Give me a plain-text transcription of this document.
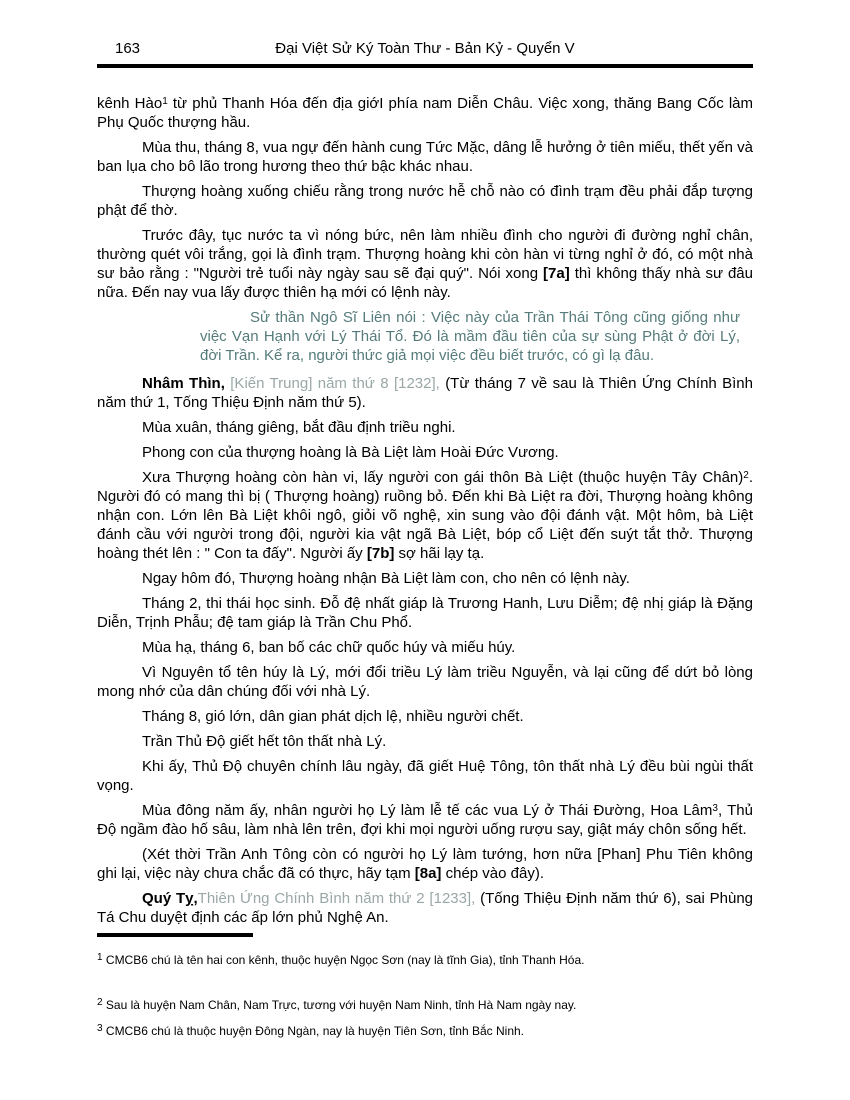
163	Đại Việt Sử Ký Toàn Thư - Bản Kỷ - Quyển V

kênh Hào$^1$ từ phủ Thanh Hóa đến địa giớI phía nam Diễn Châu. Việc xong, thăng Bang Cốc làm Phụ Quốc thượng hầu.

Mùa thu, tháng 8, vua ngự đến hành cung Tức Mặc, dâng lễ hưởng ở tiên miếu, thết yến và ban lụa cho bô lão trong hương theo thứ bậc khác nhau.

Thượng hoàng xuống chiếu rằng trong nước hễ chỗ nào có đình trạm đều phải đắp tượng phật để thờ.

Trước đây, tục nước ta vì nóng bức, nên làm nhiều đình cho người đi đường nghỉ chân, thường quét vôi trắng, gọi là đình trạm. Thượng hoàng khi còn hàn vi từng nghỉ ở đó, có một nhà sư bảo rằng : "Người trẻ tuổi này ngày sau sẽ đại quý". Nói xong [7a] thì không thấy nhà sư đâu nữa. Đến nay vua lấy được thiên hạ mới có lệnh này.

Sử thần Ngô Sĩ Liên nói : Việc này của Trần Thái Tông cũng giống như việc Vạn Hạnh với Lý Thái Tổ. Đó là mầm đầu tiên của sự sùng Phật ở đời Lý, đời Trần. Kể ra, người thức giả mọi việc đều biết trước, có gì lạ đâu.

Nhâm Thìn, [Kiến Trung] năm thứ 8 [1232], (Từ tháng 7 về sau là Thiên Ứng Chính Bình năm thứ 1, Tống Thiệu Định năm thứ 5).

Mùa xuân, tháng giêng, bắt đầu định triều nghi.

Phong con của thượng hoàng là Bà Liệt làm Hoài Đức Vương.

Xưa Thượng hoàng còn hàn vi, lấy người con gái thôn Bà Liệt (thuộc huyện Tây Chân)$^2$. Người đó có mang thì bị ( Thượng hoàng) ruồng bỏ. Đến khi Bà Liệt ra đời, Thượng hoàng không nhận con. Lớn lên Bà Liệt khôi ngô, giỏi võ nghệ, xin sung vào đội đánh vật. Một hôm, bà Liệt đánh cầu với người trong đội, người kia vật ngã Bà Liệt, bóp cổ Liệt đến suýt tắt thở. Thượng hoàng thét lên : " Con ta đấy". Người ấy [7b] sợ hãi lạy tạ.

Ngay hôm đó, Thượng hoàng nhận Bà Liệt làm con, cho nên có lệnh này.

Tháng 2, thi thái học sinh. Đỗ đệ nhất giáp là Trương Hanh, Lưu Diễm; đệ nhị giáp là Đặng Diễn, Trịnh Phẫu; đệ tam giáp là Trần Chu Phổ.

Mùa hạ, tháng 6, ban bố các chữ quốc húy và miếu húy.

Vì Nguyên tổ tên húy là Lý, mới đổi triều Lý làm triều Nguyễn, và lại cũng để dứt bỏ lòng mong nhớ của dân chúng đối với nhà Lý.

Tháng 8, gió lớn, dân gian phát dịch lệ, nhiều người chết.

Trần Thủ Độ giết hết tôn thất nhà Lý.

Khi ấy, Thủ Độ chuyên chính lâu ngày, đã giết Huệ Tông, tôn thất nhà Lý đều bùi ngùi thất vọng.

Mùa đông năm ấy, nhân người họ Lý làm lễ tế các vua Lý ở Thái Đường, Hoa Lâm$^3$, Thủ Độ ngầm đào hố sâu, làm nhà lên trên, đợi khi mọi người uống rượu say, giật máy chôn sống hết.

(Xét thời Trần Anh Tông còn có người họ Lý làm tướng, hơn nữa [Phan] Phu Tiên không ghi lại, việc này chưa chắc đã có thực, hãy tạm [8a] chép vào đây).

Quý Tỵ,Thiên Ứng Chính Bình năm thứ 2 [1233], (Tống Thiệu Định năm thứ 6), sai Phùng Tá Chu duyệt định các ấp lớn phủ Nghệ An.

$^1$ CMCB6 chú là tên hai con kênh, thuộc huyện Ngọc Sơn (nay là tĩnh Gia), tỉnh Thanh Hóa.

$^2$ Sau là huyện Nam Chân, Nam Trực, tương với huyện Nam Ninh, tỉnh Hà Nam ngày nay.

$^3$ CMCB6 chú là thuộc huyện Đông Ngàn, nay là huyện Tiên Sơn, tỉnh Bắc Ninh.
